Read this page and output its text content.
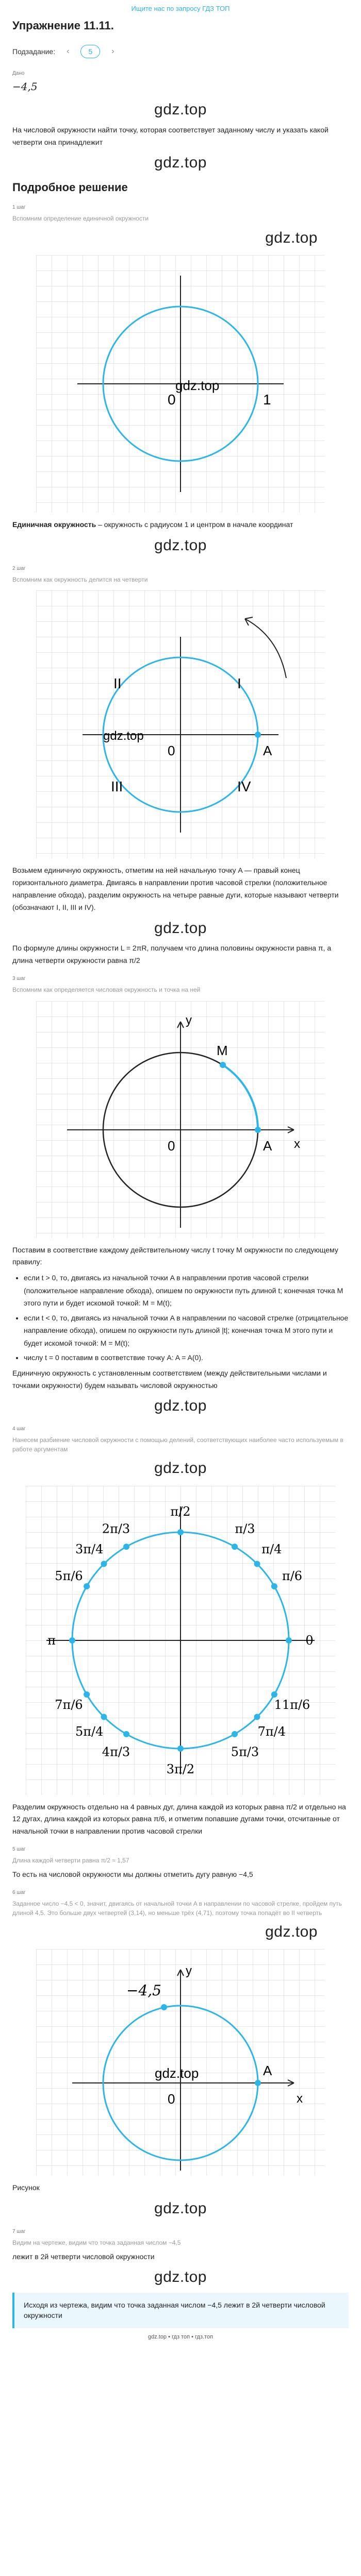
Ищите нас по запросу ГДЗ ТОП
Упражнение 11.11.
Подзадание: ‹	5	›
Дано
−4,5
gdz.top

На числовой окружности найти точку, которая соответствует заданному числу и указать какой четверти она принадлежит

gdz.top
Подробное решение
1 шаг

Вспомним определение единичной окружности

gdz.top
0	1
gdz.top

Единичная окружность – окружность с радиусом 1 и центром в начале координат

gdz.top
2 шаг

Вспомним как окружность делится на четверти

I
II
III	IV
A
0
gdz.top

Возьмем единичную окружность, отметим на ней начальную точку A — правый конец горизонтального диаметра. Двигаясь в направлении против часовой стрелки (положительное направление обхода), разделим окружность на четыре равные дуги, которые называют четверти (обозначают I, II, III и IV).

gdz.top

По формуле длины окружности L = 2πR, получаем что длина половины окружности равна π, а длина четверти окружности равна π/2

3 шаг

Вспомним как определяется числовая окружность и точка на ней

x
y
M
A
0

Поставим в соответствие каждому действительному числу t точку M окружности по следующему правилу:

• если t > 0, то, двигаясь из начальной точки A в направлении против часовой стрелки (положительное направление обхода), опишем по окружности путь длиной t; конечная точка M этого пути и будет искомой точкой: M = M(t);
• если t < 0, то, двигаясь из начальной точки A в направлении по часовой стрелке (отрицательное направление обхода), опишем по окружности путь длиной |t|; конечная точка M этого пути и будет искомой точкой: M = M(t);
• числу t = 0 поставим в соответствие точку A: A = A(0).

Единичную окружность с установленным соответствием (между действительными числами и точками окружности) будем называть числовой окружностью

gdz.top
4 шаг

Нанесем разбиение числовой окружности с помощью делений, соответствующих наиболее часто используемым в работе аргументам

gdz.top
π/2
π/3
π/4
π/6
0
11π/6
7π/4
5π/3
3π/2
4π/3
5π/4
7π/6
π
5π/6
3π/4
2π/3

Разделим окружность отдельно на 4 равных дуг, длина каждой из которых равна π/2 и отдельно на 12 дугах, длина каждой из которых равна π/6, и отметим попавшие дугами точки, отсчитанные от начальной точки в направлении против часовой стрелки

5 шаг

Длина каждой четверти равна π/2 ≈ 1,57

То есть на числовой окружности мы должны отметить дугу равную −4,5

6 шаг

Заданное число −4,5 < 0, значит, двигаясь от начальной точки A в направлении по часовой стрелке, пройдем путь длиной 4,5. Это больше двух четвертей (3,14), но меньше трёх (4,71), поэтому точка попадёт во II четверть

gdz.top
−4,5
x
y
A
0
gdz.top

Рисунок

gdz.top
7 шаг

Видим на чертеже, видим что точка заданная числом −4,5

лежит в 2й четверти числовой окружности

gdz.top
Исходя из чертежа, видим что точка заданная числом −4,5 лежит в 2й четверти числовой окружности
gdz.top • гдз топ • гдз.топ
